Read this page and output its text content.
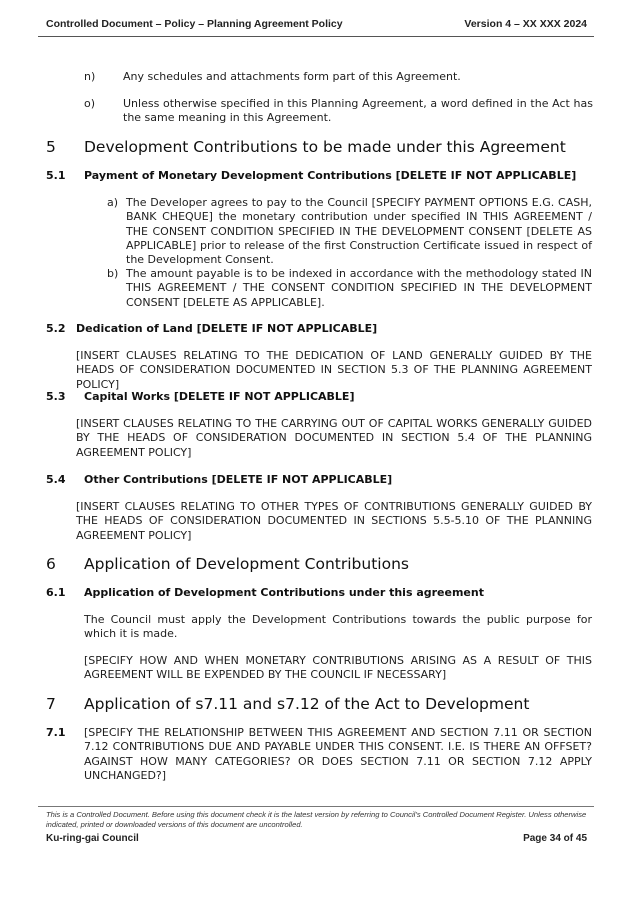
Controlled Document – Policy – Planning Agreement Policy	Version 4 – XX XXX 2024
n)	Any schedules and attachments form part of this Agreement.
o)	Unless otherwise specified in this Planning Agreement, a word defined in the Act has the same meaning in this Agreement.
5 Development Contributions to be made under this Agreement
5.1 Payment of Monetary Development Contributions [DELETE IF NOT APPLICABLE]
a) The Developer agrees to pay to the Council [SPECIFY PAYMENT OPTIONS E.G. CASH, BANK CHEQUE] the monetary contribution under specified IN THIS AGREEMENT / THE CONSENT CONDITION SPECIFIED IN THE DEVELOPMENT CONSENT [DELETE AS APPLICABLE] prior to release of the first Construction Certificate issued in respect of the Development Consent.
b) The amount payable is to be indexed in accordance with the methodology stated IN THIS AGREEMENT / THE CONSENT CONDITION SPECIFIED IN THE DEVELOPMENT CONSENT [DELETE AS APPLICABLE].
5.2 Dedication of Land [DELETE IF NOT APPLICABLE]
[INSERT CLAUSES RELATING TO THE DEDICATION OF LAND GENERALLY GUIDED BY THE HEADS OF CONSIDERATION DOCUMENTED IN SECTION 5.3 OF THE PLANNING AGREEMENT POLICY]
5.3 Capital Works [DELETE IF NOT APPLICABLE]
[INSERT CLAUSES RELATING TO THE CARRYING OUT OF CAPITAL WORKS GENERALLY GUIDED BY THE HEADS OF CONSIDERATION DOCUMENTED IN SECTION 5.4 OF THE PLANNING AGREEMENT POLICY]
5.4 Other Contributions [DELETE IF NOT APPLICABLE]
[INSERT CLAUSES RELATING TO OTHER TYPES OF CONTRIBUTIONS GENERALLY GUIDED BY THE HEADS OF CONSIDERATION DOCUMENTED IN SECTIONS 5.5-5.10 OF THE PLANNING AGREEMENT POLICY]
6 Application of Development Contributions
6.1 Application of Development Contributions under this agreement
The Council must apply the Development Contributions towards the public purpose for which it is made.
[SPECIFY HOW AND WHEN MONETARY CONTRIBUTIONS ARISING AS A RESULT OF THIS AGREEMENT WILL BE EXPENDED BY THE COUNCIL IF NECESSARY]
7 Application of s7.11 and s7.12 of the Act to Development
7.1 [SPECIFY THE RELATIONSHIP BETWEEN THIS AGREEMENT AND SECTION 7.11 OR SECTION 7.12 CONTRIBUTIONS DUE AND PAYABLE UNDER THIS CONSENT. I.E. IS THERE AN OFFSET? AGAINST HOW MANY CATEGORIES? OR DOES SECTION 7.11 OR SECTION 7.12 APPLY UNCHANGED?]
This is a Controlled Document. Before using this document check it is the latest version by referring to Council’s Controlled Document Register. Unless otherwise indicated, printed or downloaded versions of this document are uncontrolled.
Ku-ring-gai Council	Page 34 of 45
